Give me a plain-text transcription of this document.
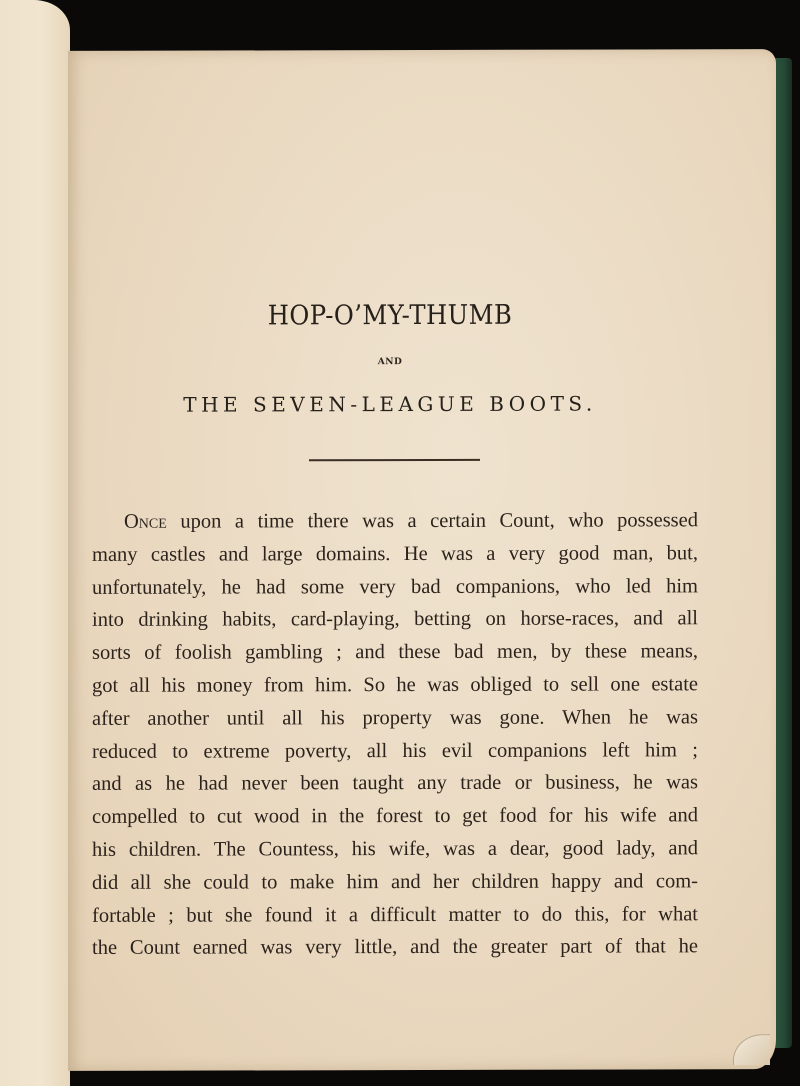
HOP-O’MY-THUMB
AND
THE SEVEN-LEAGUE BOOTS.
Once upon a time there was a certain Count, who possessed
many castles and large domains. He was a very good man, but,
unfortunately, he had some very bad companions, who led him
into drinking habits, card-playing, betting on horse-races, and all
sorts of foolish gambling ; and these bad men, by these means,
got all his money from him. So he was obliged to sell one estate
after another until all his property was gone. When he was
reduced to extreme poverty, all his evil companions left him ;
and as he had never been taught any trade or business, he was
compelled to cut wood in the forest to get food for his wife and
his children. The Countess, his wife, was a dear, good lady, and
did all she could to make him and her children happy and com-
fortable ; but she found it a difficult matter to do this, for what
the Count earned was very little, and the greater part of that he
